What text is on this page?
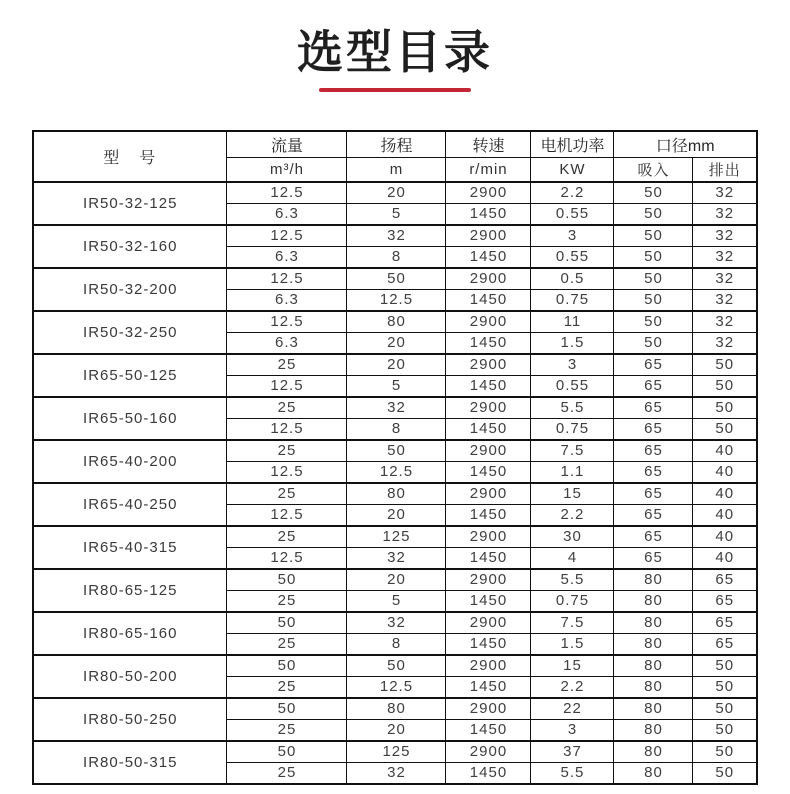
选型目录
型　号	流量	扬程	转速	电机功率	口径mm	
	m³/h	m	r/min	KW	吸入	排出
IR50-32-125	12.5	20	2900	2.2	50	32
	6.3	5	1450	0.55	50	32
IR50-32-160	12.5	32	2900	3	50	32
	6.3	8	1450	0.55	50	32
IR50-32-200	12.5	50	2900	0.5	50	32
	6.3	12.5	1450	0.75	50	32
IR50-32-250	12.5	80	2900	11	50	32
	6.3	20	1450	1.5	50	32
IR65-50-125	25	20	2900	3	65	50
	12.5	5	1450	0.55	65	50
IR65-50-160	25	32	2900	5.5	65	50
	12.5	8	1450	0.75	65	50
IR65-40-200	25	50	2900	7.5	65	40
	12.5	12.5	1450	1.1	65	40
IR65-40-250	25	80	2900	15	65	40
	12.5	20	1450	2.2	65	40
IR65-40-315	25	125	2900	30	65	40
	12.5	32	1450	4	65	40
IR80-65-125	50	20	2900	5.5	80	65
	25	5	1450	0.75	80	65
IR80-65-160	50	32	2900	7.5	80	65
	25	8	1450	1.5	80	65
IR80-50-200	50	50	2900	15	80	50
	25	12.5	1450	2.2	80	50
IR80-50-250	50	80	2900	22	80	50
	25	20	1450	3	80	50
IR80-50-315	50	125	2900	37	80	50
	25	32	1450	5.5	80	50
